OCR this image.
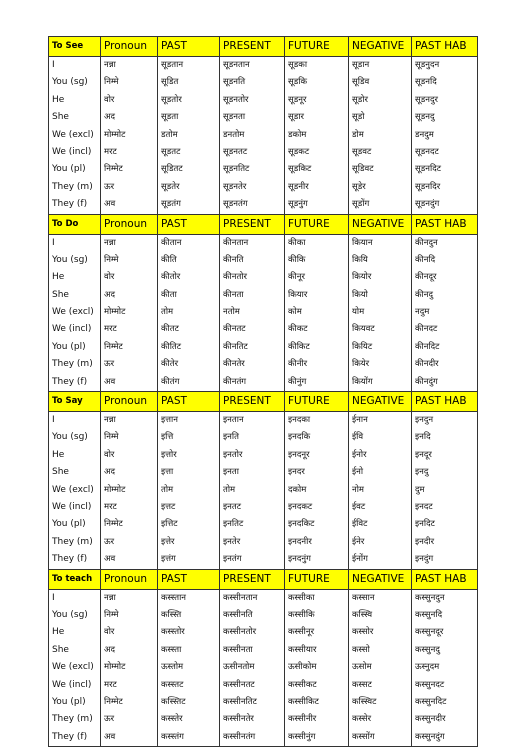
To See	Pronoun	PAST	PRESENT	FUTURE	NEGATIVE	PAST HAB
I	नन्ना	सूडतान	सूडनतान	सूडका	सूडान	सूडनुदन
You (sg)	निम्मे	सूडित	सूडनति	सूडकि	सूडिव	सूडनदि
He	वोर	सूडतोर	सूडनतोर	सूडनूर	सूडोर	सूडनदुर
She	अद	सूडता	सूडनता	सूडार	सूडो	सूडनदु
We (excl)	मोम्मोट	डतोम	डनतोम	डकोम	डोम	डनदुम
We (incl)	मरट	सूडतट	सूडनतट	सूडकट	सूडवट	सूडनदट
You (pl)	निम्मेट	सूडितट	सूडनतिट	सूडकिट	सूडिवट	सूडनदिट
They (m)	ऊर	सूडतेर	सूडनतेर	सूडनीर	सूडेर	सूडनदिर
They (f)	अव	सूडतंग	सूडनतंग	सूडनुंग	सूडोंग	सूडनदुंग
To Do	Pronoun	PAST	PRESENT	FUTURE	NEGATIVE	PAST HAB
I	नन्ना	कीतान	कीनतान	कीका	कियान	कीनदुन
You (sg)	निम्मे	कीति	कीनति	कीकि	कियि	कीनदि
He	वोर	कीतोर	कीनतोर	कीनूर	कियोर	कीनदूर
She	अद	कीता	कीनता	कियार	कियो	कीनदु
We (excl)	मोम्मोट	तोम	नतोम	कोम	योम	नदुम
We (incl)	मरट	कीतट	कीनतट	कीकट	कियवट	कीनदट
You (pl)	निम्मेट	कीतिट	कीनतिट	कीकिट	कियिट	कीनदिट
They (m)	ऊर	कीतेर	कीनतेर	कीनीर	कियेर	कीनदीर
They (f)	अव	कीतंग	कीनतंग	कीनुंग	कियोंग	कीनदुंग
To Say	Pronoun	PAST	PRESENT	FUTURE	NEGATIVE	PAST HAB
I	नन्ना	इत्तान	इनतान	इनदका	ईनान	इनदुन
You (sg)	निम्मे	इत्ति	इनति	इनदकि	ईवि	इनदि
He	वोर	इत्तोर	इनतोर	इनदनूर	ईनोर	इनदूर
She	अद	इत्ता	इनता	इनदर	ईनो	इनदु
We (excl)	मोम्मोट	तोम	तोम	दकोम	नोम	दुम
We (incl)	मरट	इत्तट	इनतट	इनदकट	ईवट	इनदट
You (pl)	निम्मेट	इत्तिट	इनतिट	इनदकिट	ईविट	इनदिट
They (m)	ऊर	इत्तेर	इनतेर	इनदनीर	ईनेर	इनदीर
They (f)	अव	इत्तंग	इनतंग	इनदनुंग	ईनोंग	इनदुंग
To teach	Pronoun	PAST	PRESENT	FUTURE	NEGATIVE	PAST HAB
I	नन्ना	कस्स्तान	कस्सीनतान	कस्सीका	कस्सान	कस्सुनदुन
You (sg)	निम्मे	कस्स्ति	कस्सीनति	कस्सीकि	कस्स्वि	कस्सुनदि
He	वोर	कस्स्तोर	कस्सीनतोर	कस्सीनूर	कस्सोर	कस्सुनदूर
She	अद	कस्स्ता	कस्सीनता	कस्सीयार	कस्सो	कस्सुनदु
We (excl)	मोम्मोट	ऊस्तोम	ऊसीनतोम	ऊसीकोम	ऊसोम	ऊस्नुदम
We (incl)	मरट	कस्स्तट	कस्सीनतट	कस्सीकट	कस्सट	कस्सुनदट
You (pl)	निम्मेट	कस्स्तिट	कस्सीनतिट	कस्सीकिट	कस्स्विट	कस्सुनदिट
They (m)	ऊर	कस्स्तेर	कस्सीनतेर	कस्सीनीर	कस्सेर	कस्सुनदीर
They (f)	अव	कस्स्तंग	कस्सीनतंग	कस्सीनुंग	कस्सोंग	कस्सुनदुंग
